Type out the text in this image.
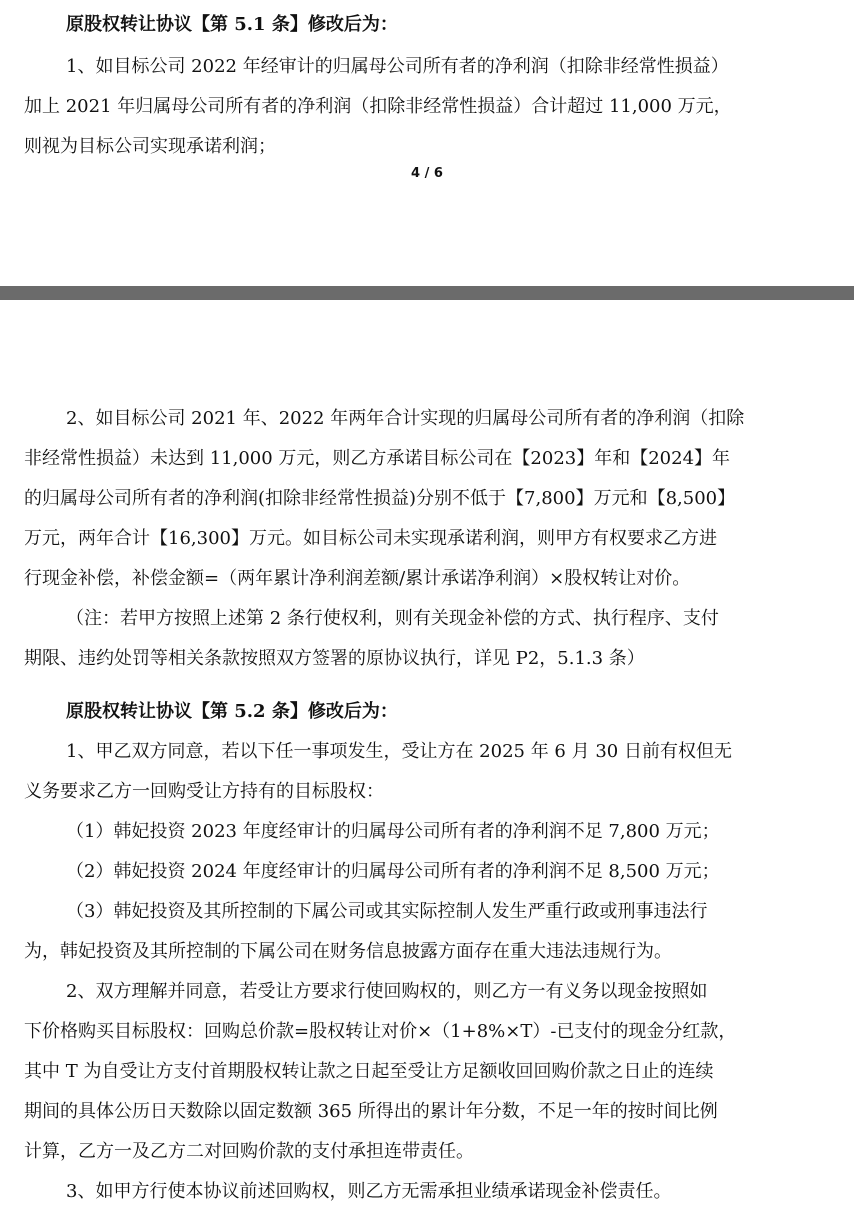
原股权转让协议【第 5.1 条】修改后为：

1、如目标公司 2022 年经审计的归属母公司所有者的净利润（扣除非经常性损益）

加上 2021 年归属母公司所有者的净利润（扣除非经常性损益）合计超过 11,000 万元，

则视为目标公司实现承诺利润；

4 / 6

2、如目标公司 2021 年、2022 年两年合计实现的归属母公司所有者的净利润（扣除

非经常性损益）未达到 11,000 万元，则乙方承诺目标公司在【2023】年和【2024】年

的归属母公司所有者的净利润(扣除非经常性损益)分别不低于【7,800】万元和【8,500】

万元，两年合计【16,300】万元。如目标公司未实现承诺利润，则甲方有权要求乙方进

行现金补偿，补偿金额=（两年累计净利润差额/累计承诺净利润）×股权转让对价。

（注：若甲方按照上述第 2 条行使权利，则有关现金补偿的方式、执行程序、支付

期限、违约处罚等相关条款按照双方签署的原协议执行，详见 P2，5.1.3 条）

原股权转让协议【第 5.2 条】修改后为：

1、甲乙双方同意，若以下任一事项发生，受让方在 2025 年 6 月 30 日前有权但无

义务要求乙方一回购受让方持有的目标股权：

（1）韩妃投资 2023 年度经审计的归属母公司所有者的净利润不足 7,800 万元；

（2）韩妃投资 2024 年度经审计的归属母公司所有者的净利润不足 8,500 万元；

（3）韩妃投资及其所控制的下属公司或其实际控制人发生严重行政或刑事违法行

为，韩妃投资及其所控制的下属公司在财务信息披露方面存在重大违法违规行为。

2、双方理解并同意，若受让方要求行使回购权的，则乙方一有义务以现金按照如

下价格购买目标股权：回购总价款=股权转让对价×（1+8%×T）-已支付的现金分红款，

其中 T 为自受让方支付首期股权转让款之日起至受让方足额收回回购价款之日止的连续

期间的具体公历日天数除以固定数额 365 所得出的累计年分数，不足一年的按时间比例

计算，乙方一及乙方二对回购价款的支付承担连带责任。

3、如甲方行使本协议前述回购权，则乙方无需承担业绩承诺现金补偿责任。
